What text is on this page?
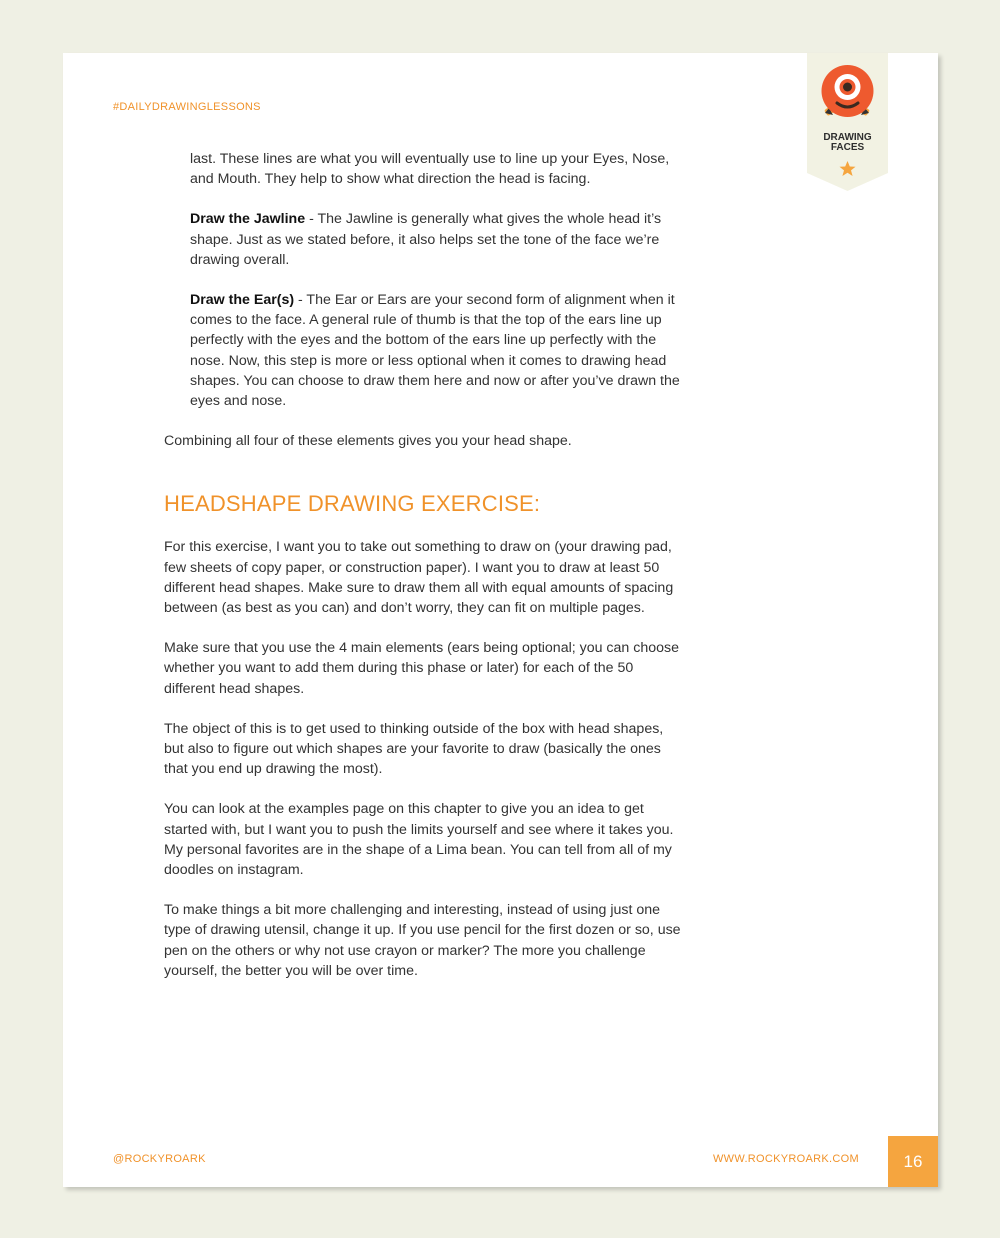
#DAILYDRAWINGLESSONS
DRAWING
FACES

last. These lines are what you will eventually use to line up your Eyes, Nose, and Mouth. They help to show what direction the head is facing.

Draw the Jawline - The Jawline is generally what gives the whole head it’s shape. Just as we stated before, it also helps set the tone of the face we’re drawing overall.

Draw the Ear(s) - The Ear or Ears are your second form of alignment when it comes to the face. A general rule of thumb is that the top of the ears line up perfectly with the eyes and the bottom of the ears line up perfectly with the nose. Now, this step is more or less optional when it comes to drawing head shapes. You can choose to draw them here and now or after you’ve drawn the eyes and nose.

Combining all four of these elements gives you your head shape.

HEADSHAPE DRAWING EXERCISE:

For this exercise, I want you to take out something to draw on (your drawing pad, few sheets of copy paper, or construction paper). I want you to draw at least 50 different head shapes. Make sure to draw them all with equal amounts of spacing between (as best as you can) and don’t worry, they can fit on multiple pages.

Make sure that you use the 4 main elements (ears being optional; you can choose whether you want to add them during this phase or later) for each of the 50 different head shapes.

The object of this is to get used to thinking outside of the box with head shapes, but also to figure out which shapes are your favorite to draw (basically the ones that you end up drawing the most).

You can look at the examples page on this chapter to give you an idea to get started with, but I want you to push the limits yourself and see where it takes you. My personal favorites are in the shape of a Lima bean. You can tell from all of my doodles on instagram.

To make things a bit more challenging and interesting, instead of using just one type of drawing utensil, change it up. If you use pencil for the first dozen or so, use pen on the others or why not use crayon or marker? The more you challenge yourself, the better you will be over time.

@ROCKYROARK	WWW.ROCKYROARK.COM	16
